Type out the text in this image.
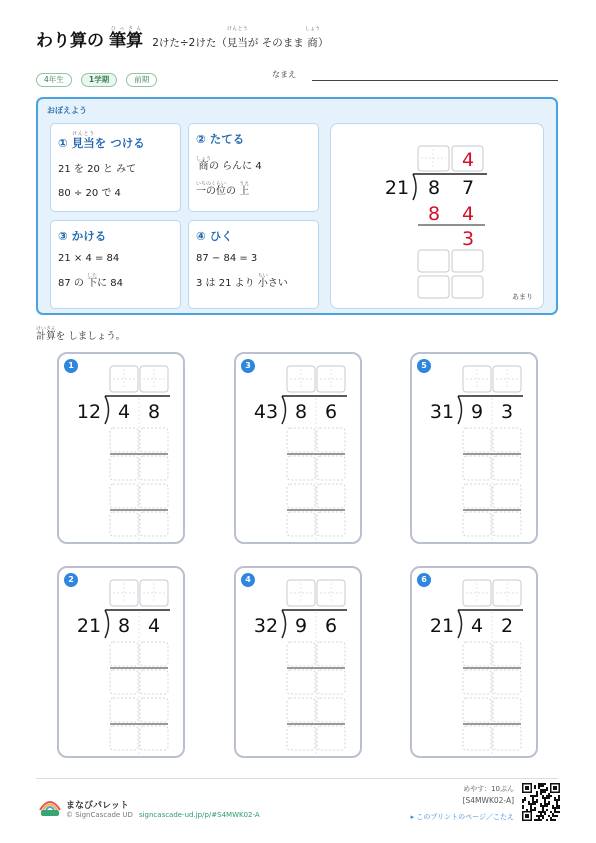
わり算の 筆ひっ算さん 2けた÷2けた（見当けんとうが そのまま 商しょう）
4年生	1学期	前期
なまえ
おぼえよう
① 見当けんとうを つける
21 を 20 と みて
80 ÷ 20 で 4
② たてる
商しょうの らんに 4
一の位いちのくらいの 上うえ
③ かける
21 × 4 = 84
87 の 下したに 84
④ ひく
87 − 84 = 3
3 は 21 より 小ちいさい
21 8 7
4
8 4
3
あまり
計算けいさんを しましょう。
1
12 4 8
3
43 8 6
5
31 9 3
2
21 8 4
4
32 9 6
6
21 4 2
まなびパレット
© SignCascade UD signcascade-ud.jp/p/#S4MWK02-A
めやす：10ぷん
[S4MWK02-A]
▸ このプリントのページ／こたえ
